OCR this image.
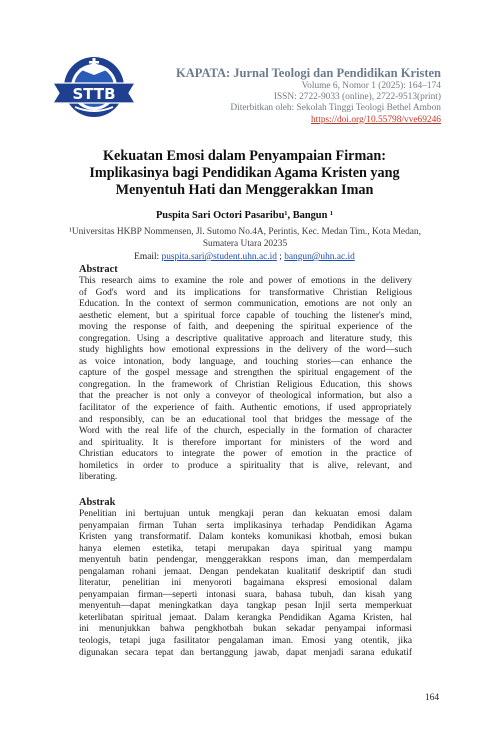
STTB
KAPATA: Jurnal Teologi dan Pendidikan Kristen
Volume 6, Nomor 1 (2025): 164–174
ISSN: 2722-9033 (online), 2722-9513(print)
Diterbitkan oleh: Sekolah Tinggi Teologi Bethel Ambon
https://doi.org/10.55798/vve69246
Kekuatan Emosi dalam Penyampaian Firman:
Implikasinya bagi Pendidikan Agama Kristen yang
Menyentuh Hati dan Menggerakkan Iman
Puspita Sari Octori Pasaribu¹, Bangun ¹
¹Universitas HKBP Nommensen, Jl. Sutomo No.4A, Perintis, Kec. Medan Tim., Kota Medan,
Sumatera Utara 20235
Email: puspita.sari@student.uhn.ac.id ; bangun@uhn.ac.id
Abstract
This research aims to examine the role and power of emotions in the delivery
of God's word and its implications for transformative Christian Religious
Education. In the context of sermon communication, emotions are not only an
aesthetic element, but a spiritual force capable of touching the listener's mind,
moving the response of faith, and deepening the spiritual experience of the
congregation. Using a descriptive qualitative approach and literature study, this
study highlights how emotional expressions in the delivery of the word—such
as voice intonation, body language, and touching stories—can enhance the
capture of the gospel message and strengthen the spiritual engagement of the
congregation. In the framework of Christian Religious Education, this shows
that the preacher is not only a conveyor of theological information, but also a
facilitator of the experience of faith. Authentic emotions, if used appropriately
and responsibly, can be an educational tool that bridges the message of the
Word with the real life of the church, especially in the formation of character
and spirituality. It is therefore important for ministers of the word and
Christian educators to integrate the power of emotion in the practice of
homiletics in order to produce a spirituality that is alive, relevant, and
liberating.
Abstrak
Penelitian ini bertujuan untuk mengkaji peran dan kekuatan emosi dalam
penyampaian firman Tuhan serta implikasinya terhadap Pendidikan Agama
Kristen yang transformatif. Dalam konteks komunikasi khotbah, emosi bukan
hanya elemen estetika, tetapi merupakan daya spiritual yang mampu
menyentuh batin pendengar, menggerakkan respons iman, dan memperdalam
pengalaman rohani jemaat. Dengan pendekatan kualitatif deskriptif dan studi
literatur, penelitian ini menyoroti bagaimana ekspresi emosional dalam
penyampaian firman—seperti intonasi suara, bahasa tubuh, dan kisah yang
menyentuh—dapat meningkatkan daya tangkap pesan Injil serta memperkuat
keterlibatan spiritual jemaat. Dalam kerangka Pendidikan Agama Kristen, hal
ini menunjukkan bahwa pengkhotbah bukan sekadar penyampai informasi
teologis, tetapi juga fasilitator pengalaman iman. Emosi yang otentik, jika
digunakan secara tepat dan bertanggung jawab, dapat menjadi sarana edukatif
164
